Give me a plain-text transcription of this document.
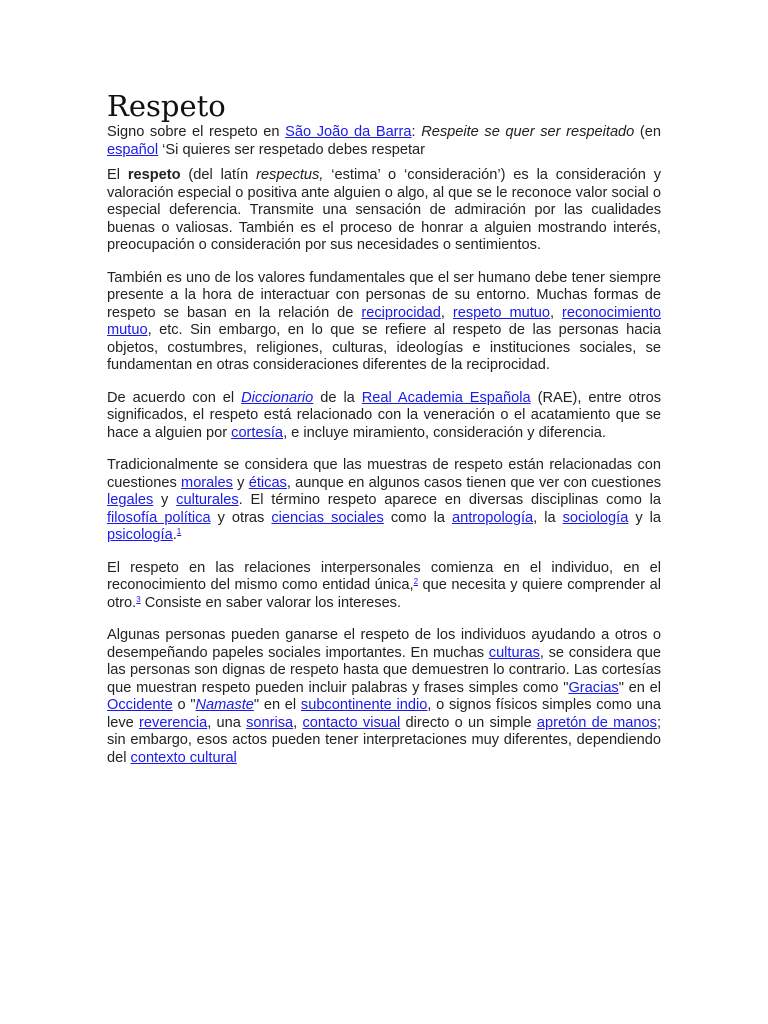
Respeto

Signo sobre el respeto en São João da Barra: Respeite se quer ser respeitado (en español ‘Si quieres ser respetado debes respetar

El respeto (del latín respectus, ‘estima’ o ‘consideración’) es la consideración y valoración especial o positiva ante alguien o algo, al que se le reconoce valor social o especial deferencia. Transmite una sensación de admiración por las cualidades buenas o valiosas. También es el proceso de honrar a alguien mostrando interés, preocupación o consideración por sus necesidades o sentimientos.

También es uno de los valores fundamentales que el ser humano debe tener siempre presente a la hora de interactuar con personas de su entorno. Muchas formas de respeto se basan en la relación de reciprocidad, respeto mutuo, reconocimiento mutuo, etc. Sin embargo, en lo que se refiere al respeto de las personas hacia objetos, costumbres, religiones, culturas, ideologías e instituciones sociales, se fundamentan en otras consideraciones diferentes de la reciprocidad.

De acuerdo con el Diccionario de la Real Academia Española (RAE), entre otros significados, el respeto está relacionado con la veneración o el acatamiento que se hace a alguien por cortesía, e incluye miramiento, consideración y diferencia.

Tradicionalmente se considera que las muestras de respeto están relacionadas con cuestiones morales y éticas, aunque en algunos casos tienen que ver con cuestiones legales y culturales. El término respeto aparece en diversas disciplinas como la filosofía política y otras ciencias sociales como la antropología, la sociología y la psicología.$^1$

El respeto en las relaciones interpersonales comienza en el individuo, en el reconocimiento del mismo como entidad única,$^2$ que necesita y quiere comprender al otro.$^3$ Consiste en saber valorar los intereses.

Algunas personas pueden ganarse el respeto de los individuos ayudando a otros o desempeñando papeles sociales importantes. En muchas culturas, se considera que las personas son dignas de respeto hasta que demuestren lo contrario. Las cortesías que muestran respeto pueden incluir palabras y frases simples como "Gracias" en el Occidente o "Namaste" en el subcontinente indio, o signos físicos simples como una leve reverencia, una sonrisa, contacto visual directo o un simple apretón de manos; sin embargo, esos actos pueden tener interpretaciones muy diferentes, dependiendo del contexto cultural
